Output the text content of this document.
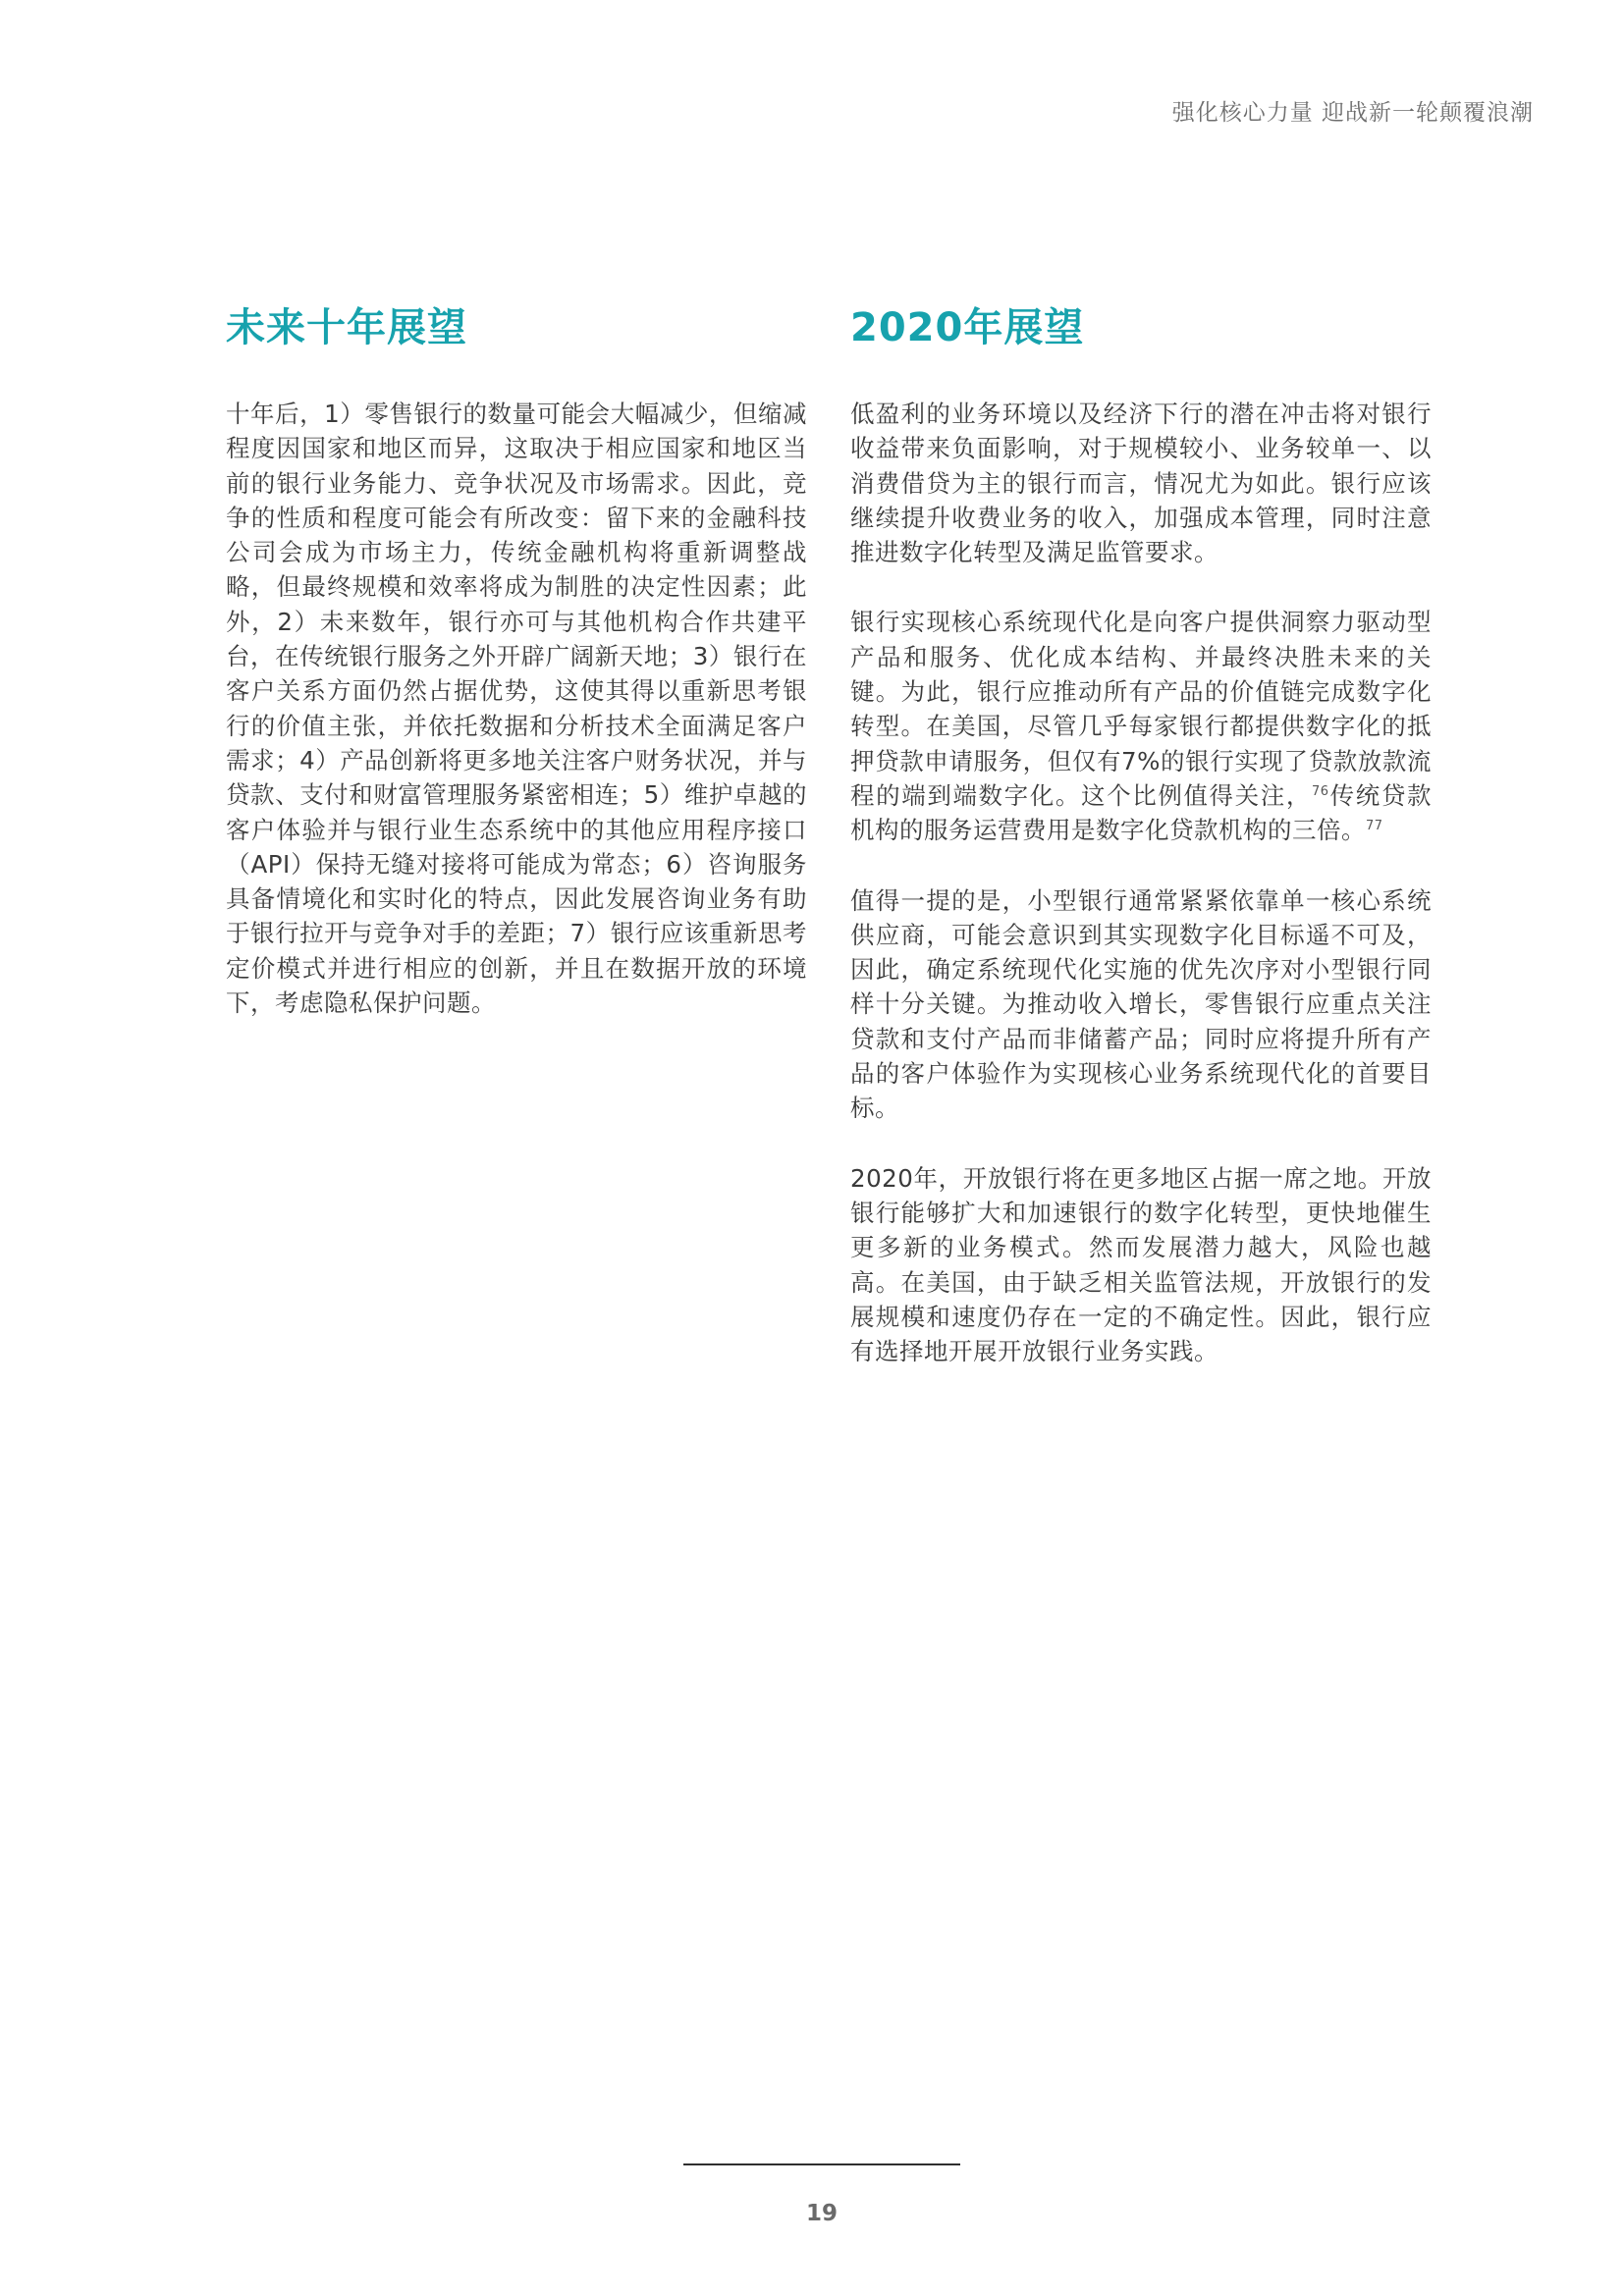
强化核心力量 迎战新一轮颠覆浪潮
未来十年展望

十年后，1）零售银行的数量可能会大幅减少，但缩减程度因国家和地区而异，这取决于相应国家和地区当前的银行业务能力、竞争状况及市场需求。因此，竞争的性质和程度可能会有所改变：留下来的金融科技公司会成为市场主力，传统金融机构将重新调整战略，但最终规模和效率将成为制胜的决定性因素；此外，2）未来数年，银行亦可与其他机构合作共建平台，在传统银行服务之外开辟广阔新天地；3）银行在客户关系方面仍然占据优势，这使其得以重新思考银行的价值主张，并依托数据和分析技术全面满足客户需求；4）产品创新将更多地关注客户财务状况，并与贷款、支付和财富管理服务紧密相连；5）维护卓越的客户体验并与银行业生态系统中的其他应用程序接口（API）保持无缝对接将可能成为常态；6）咨询服务具备情境化和实时化的特点，因此发展咨询业务有助于银行拉开与竞争对手的差距；7）银行应该重新思考定价模式并进行相应的创新，并且在数据开放的环境下，考虑隐私保护问题。

2020年展望

低盈利的业务环境以及经济下行的潜在冲击将对银行收益带来负面影响，对于规模较小、业务较单一、以消费借贷为主的银行而言，情况尤为如此。银行应该继续提升收费业务的收入，加强成本管理，同时注意推进数字化转型及满足监管要求。

银行实现核心系统现代化是向客户提供洞察力驱动型产品和服务、优化成本结构、并最终决胜未来的关键。为此，银行应推动所有产品的价值链完成数字化转型。在美国，尽管几乎每家银行都提供数字化的抵押贷款申请服务，但仅有7%的银行实现了贷款放款流程的端到端数字化。这个比例值得关注，$^{76}$传统贷款机构的服务运营费用是数字化贷款机构的三倍。$^{77}$

值得一提的是，小型银行通常紧紧依靠单一核心系统供应商，可能会意识到其实现数字化目标遥不可及，因此，确定系统现代化实施的优先次序对小型银行同样十分关键。为推动收入增长，零售银行应重点关注贷款和支付产品而非储蓄产品；同时应将提升所有产品的客户体验作为实现核心业务系统现代化的首要目标。

2020年，开放银行将在更多地区占据一席之地。开放银行能够扩大和加速银行的数字化转型，更快地催生更多新的业务模式。然而发展潜力越大，风险也越高。在美国，由于缺乏相关监管法规，开放银行的发展规模和速度仍存在一定的不确定性。因此，银行应有选择地开展开放银行业务实践。

19
